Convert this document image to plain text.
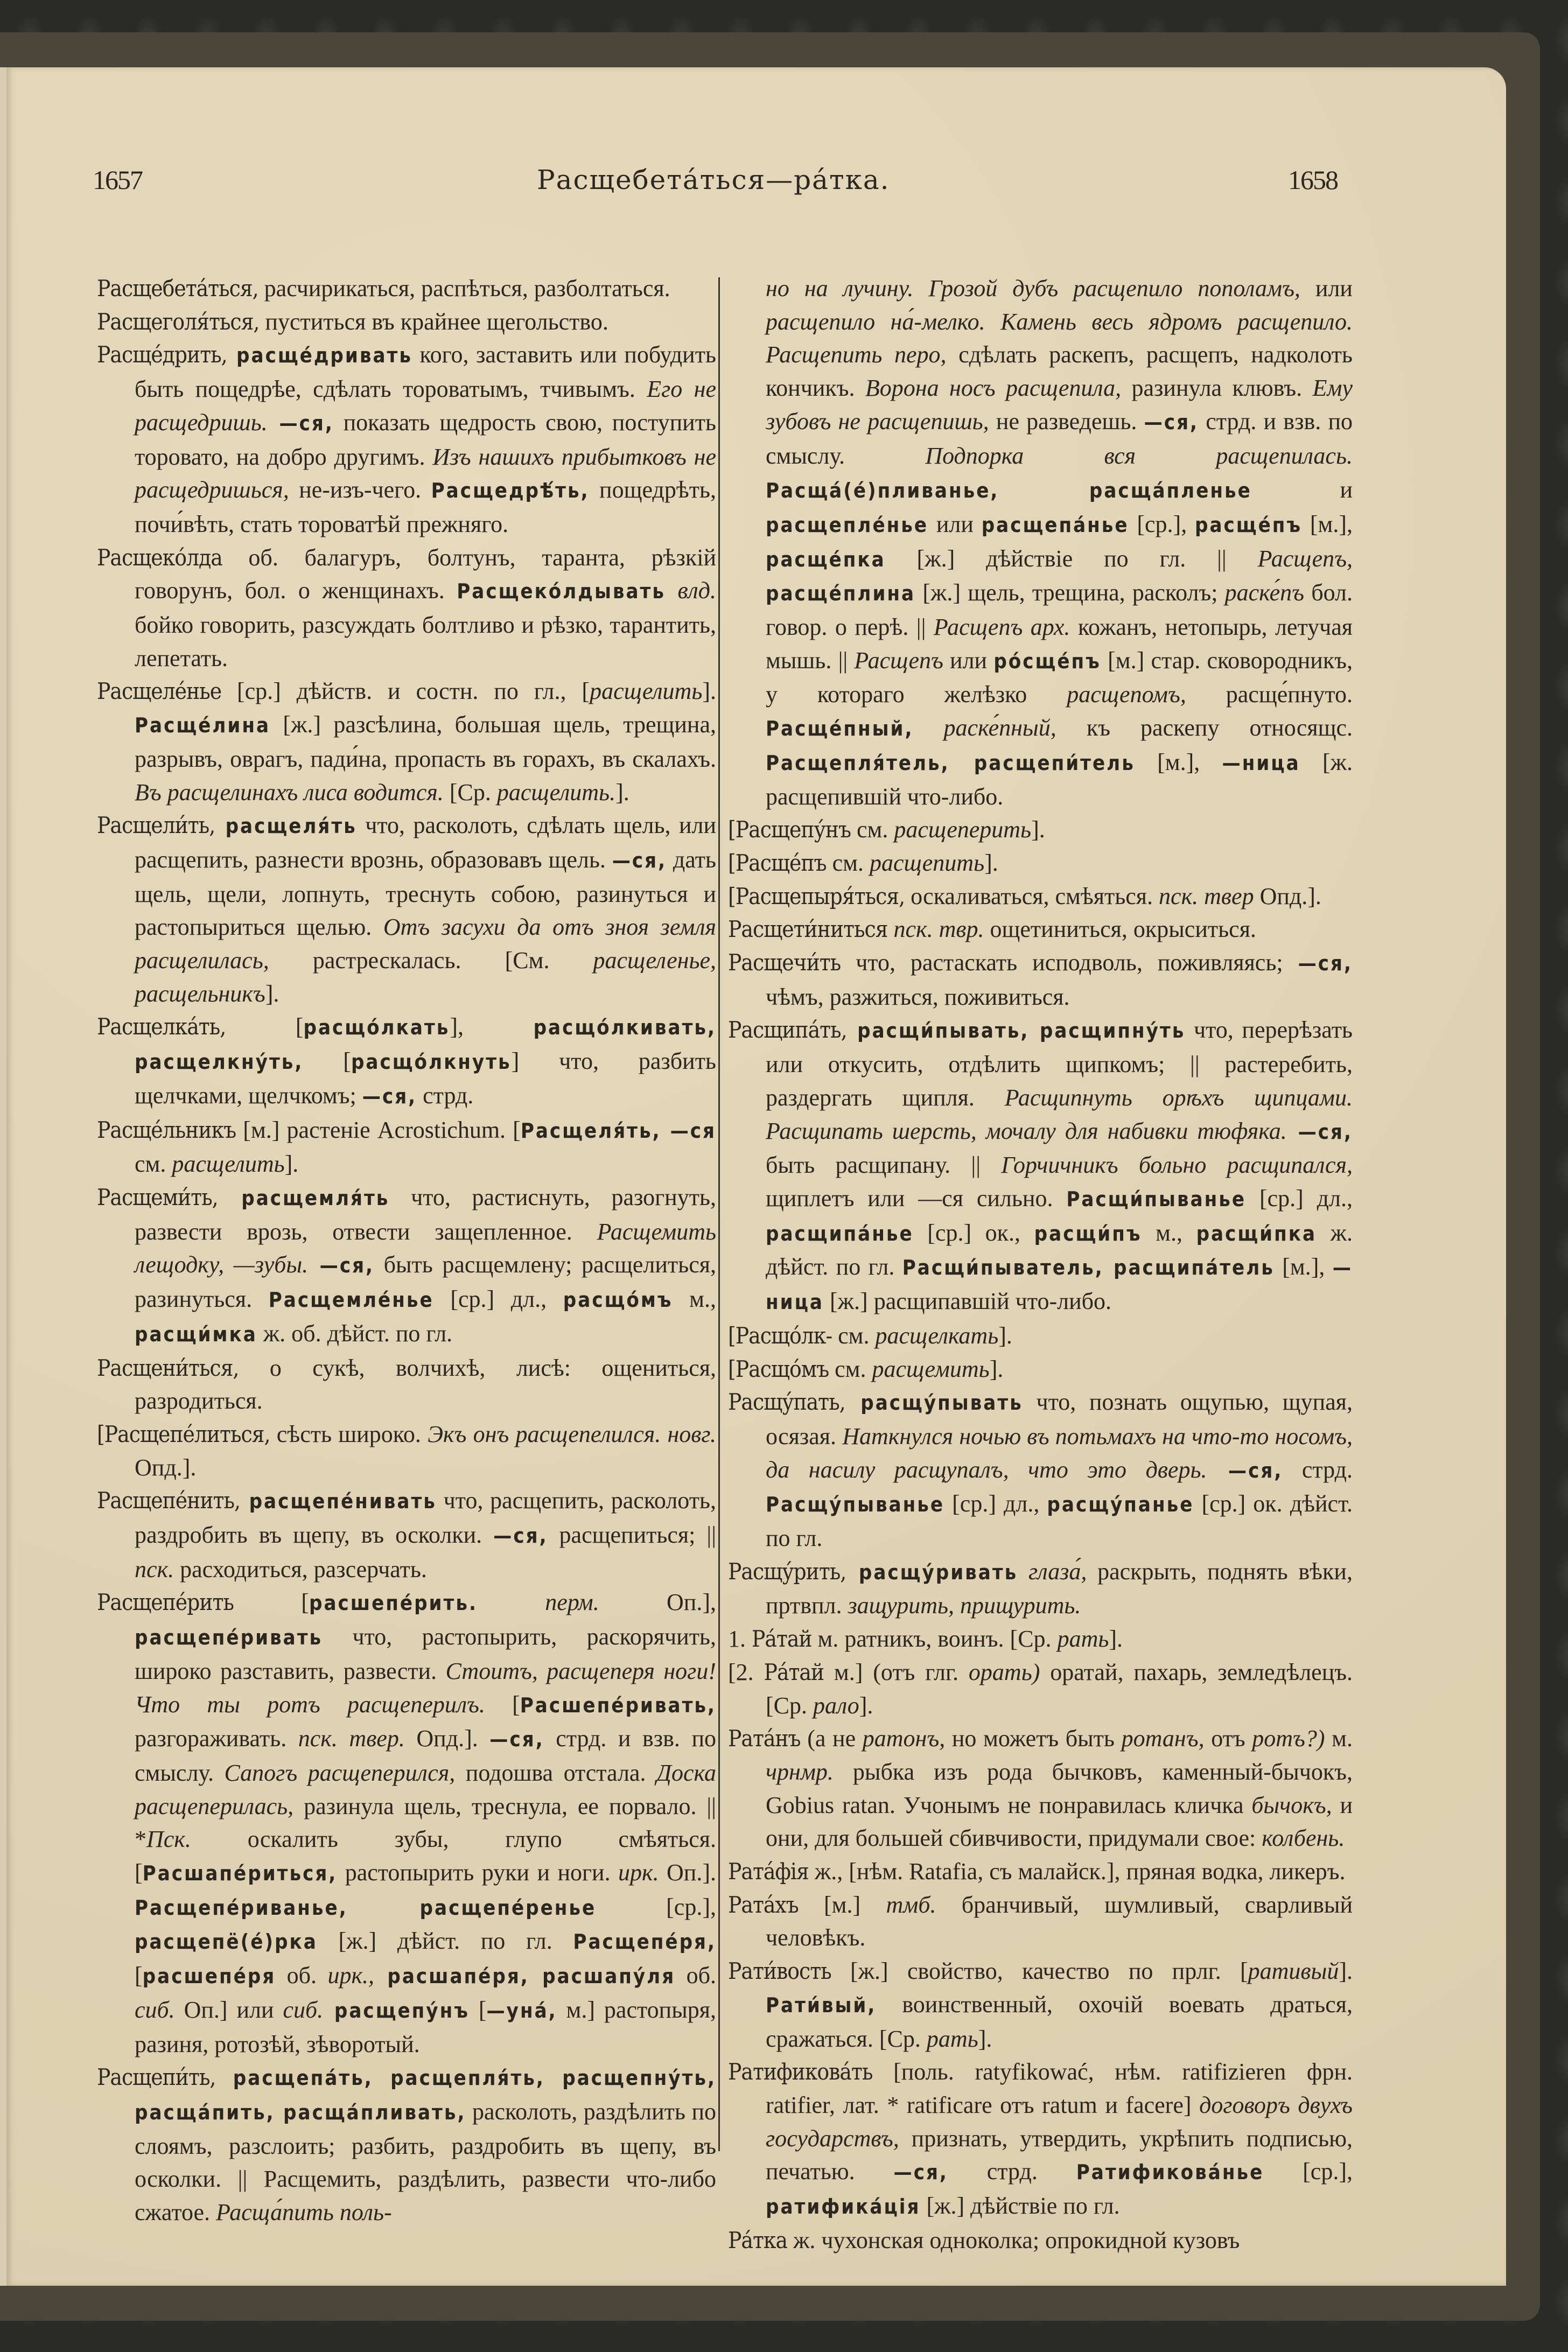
1657	Расщебетáться—рáтка.	1658

Расщебетáться, расчирикаться, распѣться, разболтаться.

Расщеголя́ться, пуститься въ крайнее щегольство.

Расще́дрить, расще́дривать кого, заставить или побудить быть пощедрѣе, сдѣлать тороватымъ, тчивымъ. Его не расщедришь. —ся, показать щедрость свою, поступить торовато, на добро другимъ. Изъ нашихъ прибытковъ не расщедришься, не-изъ-чего. Расщедрѣ́ть, пощедрѣть, почи́вѣть, стать тороватѣй прежняго.

Расщеко́лда об. балагуръ, болтунъ, таранта, рѣзкій говорунъ, бол. о женщинахъ. Расщеко́лдывать влд. бойко говорить, разсуждать болтливо и рѣзко, тарантить, лепетать.

Расщеле́нье [ср.] дѣйств. и состн. по гл., [расщелить]. Расще́лина [ж.] разсѣлина, большая щель, трещина, разрывъ, оврагъ, пади́на, пропасть въ горахъ, въ скалахъ. Въ расщелинахъ лиса водится. [Ср. расщелить.].

Расщели́ть, расщеля́ть что, расколоть, сдѣлать щель, или расщепить, разнести врознь, образовавъ щель. —ся, дать щель, щели, лопнуть, треснуть собою, разинуться и растопыриться щелью. Отъ засухи да отъ зноя земля расщелилась, растрескалась. [См. расщеленье, расщельникъ].

Расщелка́ть, [расщо́лкать], расщо́лкивать, расщелкну́ть, [расщо́лкнуть] что, разбить щелчками, щелчкомъ; —ся, стрд.

Расще́льникъ [м.] растеніе Acrostichum. [Расщеля́ть, —ся см. расщелить].

Расщеми́ть, расщемля́ть что, растиснуть, разогнуть, развести врозь, отвести защепленное. Расщемить лещодку, —зубы. —ся, быть расщемлену; расщелиться, разинуться. Расщемле́нье [ср.] дл., расщо́мъ м., расщи́мка ж. об. дѣйст. по гл.

Расщени́ться, о сукѣ, волчихѣ, лисѣ: ощениться, разродиться.

[Расщепе́литься, сѣсть широко. Экъ онъ расщепелился. новг. Опд.].

Расщепе́нить, расщепе́нивать что, расщепить, расколоть, раздробить въ щепу, въ осколки. —ся, расщепиться; || пск. расходиться, разсерчать.

Расщепе́рить [расшепе́рить. перм. Оп.], расщепе́ривать что, растопырить, раскорячить, широко разставить, развести. Стоитъ, расщеперя ноги! Что ты ротъ расщеперилъ. [Расшепе́ривать, разгораживать. пск. твер. Опд.]. —ся, стрд. и взв. по смыслу. Сапогъ расщеперился, подошва отстала. Доска расщеперилась, разинула щель, треснула, ее порвало. || *Пск. оскалить зубы, глупо смѣяться. [Расшапе́риться, растопырить руки и ноги. ирк. Оп.]. Расщепе́риванье, расщепе́ренье [ср.], расщепё(е́)рка [ж.] дѣйст. по гл. Расщепе́ря, [расшепе́ря об. ирк., расшапе́ря, расшапу́ля об. сиб. Оп.] или сиб. расщепу́нъ [—уна́, м.] растопыря, разиня, ротозѣй, зѣворотый.

Расщепи́ть, расщепа́ть, расщепля́ть, расщепну́ть, расща́пить, расща́пливать, расколоть, раздѣлить по слоямъ, разслоить; разбить, раздробить въ щепу, въ осколки. || Расщемить, раздѣлить, развести что-либо сжатое. Расща́пить поль-

но на лучину. Грозой дубъ расщепило пополамъ, или расщепило на́-мелко. Камень весь ядромъ расщепило. Расщепить перо, сдѣлать раскепъ, расщепъ, надколоть кончикъ. Ворона носъ расщепила, разинула клювъ. Ему зубовъ не расщепишь, не разведешь. —ся, стрд. и взв. по смыслу. Подпорка вся расщепилась. Расща́(е́)пливанье, расща́пленье и расщепле́нье или расщепа́нье [ср.], расще́пъ [м.], расще́пка [ж.] дѣйствіе по гл. || Расщепъ, расще́плина [ж.] щель, трещина, расколъ; раске́пъ бол. говор. о перѣ. || Расщепъ арх. кожанъ, нетопырь, летучая мышь. || Расщепъ или ро́сще́пъ [м.] стар. сковородникъ, у котораго желѣзко расщепомъ, расще́пнуто. Расще́пный, раске́пный, къ раскепу относящс. Расщепля́тель, расщепи́тель [м.], —ница [ж. расщепившій что-либо.

[Расщепу́нъ см. расщеперить].

[Расще́пъ см. расщепить].

[Расщепыря́ться, оскаливаться, смѣяться. пск. твер Опд.].

Расщети́ниться пск. твр. ощетиниться, окрыситься.

Расщечи́ть что, растаскать исподволь, поживляясь; —ся, чѣмъ, разжиться, поживиться.

Расщипа́ть, расщи́пывать, расщипну́ть что, перерѣзать или откусить, отдѣлить щипкомъ; || растеребить, раздергать щипля. Расщипнуть орѣхъ щипцами. Расщипать шерсть, мочалу для набивки тюфяка. —ся, быть расщипану. || Горчичникъ больно расщипался, щиплетъ или —ся сильно. Расщи́пыванье [ср.] дл., расщипа́нье [ср.] ок., расщи́пъ м., расщи́пка ж. дѣйст. по гл. Расщи́пыватель, расщипа́тель [м.], —ница [ж.] расщипавшій что-либо.

[Расщо́лк- см. расщелкать].

[Расщо́мъ см. расщемить].

Расщу́пать, расщу́пывать что, познать ощупью, щупая, осязая. Наткнулся ночью въ потьмахъ на что-то носомъ, да насилу расщупалъ, что это дверь. —ся, стрд. Расщу́пыванье [ср.] дл., расщу́панье [ср.] ок. дѣйст. по гл.

Расщу́рить, расщу́ривать глаза́, раскрыть, поднять вѣки, пртвпл. защурить, прищурить.

1. Ра́тай м. ратникъ, воинъ. [Ср. рать].

[2. Ра́тай м.] (отъ глг. орать) оратай, пахарь, земледѣлецъ. [Ср. рало].

Рата́нъ (а не ратонъ, но можетъ быть ротанъ, отъ ротъ?) м. чрнмр. рыбка изъ рода бычковъ, каменный-бычокъ, Gobius ratan. Учонымъ не понравилась кличка бычокъ, и они, для большей сбивчивости, придумали свое: колбень.

Рата́фія ж., [нѣм. Ratafia, съ малайск.], пряная водка, ликеръ.

Рата́хъ [м.] тмб. бранчивый, шумливый, сварливый человѣкъ.

Рати́вость [ж.] свойство, качество по прлг. [ративый]. Рати́вый, воинственный, охочій воевать драться, сражаться. [Ср. рать].

Ратификова́ть [поль. ratyfikować, нѣм. ratifizieren фрн. ratifier, лат. * ratificare отъ ratum и facere] договоръ двухъ государствъ, признать, утвердить, укрѣпить подписью, печатью. —ся, стрд. Ратификова́нье [ср.], ратифика́ція [ж.] дѣйствіе по гл.

Ра́тка ж. чухонская одноколка; опрокидной кузовъ
